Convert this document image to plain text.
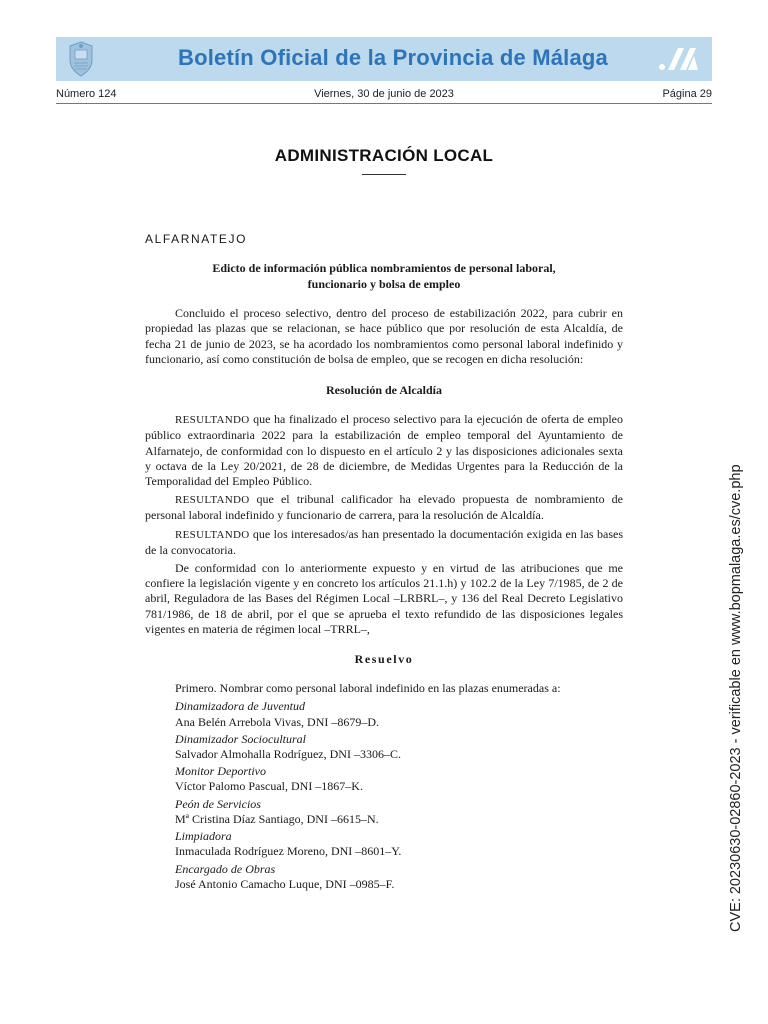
Boletín Oficial de la Provincia de Málaga
Número 124	Viernes, 30 de junio de 2023	Página 29
ADMINISTRACIÓN LOCAL

ALFARNATEJO

Edicto de información pública nombramientos de personal laboral,
funcionario y bolsa de empleo

Concluido el proceso selectivo, dentro del proceso de estabilización 2022, para cubrir en propiedad las plazas que se relacionan, se hace público que por resolución de esta Alcaldía, de fecha 21 de junio de 2023, se ha acordado los nombramientos como personal laboral indefinido y funcionario, así como constitución de bolsa de empleo, que se recogen en dicha resolución:

Resolución de Alcaldía

RESULTANDO que ha finalizado el proceso selectivo para la ejecución de oferta de empleo público extraordinaria 2022 para la estabilización de empleo temporal del Ayuntamiento de Alfarnatejo, de conformidad con lo dispuesto en el artículo 2 y las disposiciones adicionales sexta y octava de la Ley 20/2021, de 28 de diciembre, de Medidas Urgentes para la Reducción de la Temporalidad del Empleo Público.

RESULTANDO que el tribunal calificador ha elevado propuesta de nombramiento de personal laboral indefinido y funcionario de carrera, para la resolución de Alcaldía.

RESULTANDO que los interesados/as han presentado la documentación exigida en las bases de la convocatoria.

De conformidad con lo anteriormente expuesto y en virtud de las atribuciones que me confiere la legislación vigente y en concreto los artículos 21.1.h) y 102.2 de la Ley 7/1985, de 2 de abril, Reguladora de las Bases del Régimen Local –LRBRL–, y 136 del Real Decreto Legislativo 781/1986, de 18 de abril, por el que se aprueba el texto refundido de las disposiciones legales vigentes en materia de régimen local –TRRL–,

Resuelvo

Primero. Nombrar como personal laboral indefinido en las plazas enumeradas a:

Dinamizadora de Juventud

Ana Belén Arrebola Vivas, DNI –8679–D.

Dinamizador Sociocultural

Salvador Almohalla Rodríguez, DNI –3306–C.

Monitor Deportivo

Víctor Palomo Pascual, DNI –1867–K.

Peón de Servicios

Mª Cristina Díaz Santiago, DNI –6615–N.

Limpiadora

Inmaculada Rodríguez Moreno, DNI –8601–Y.

Encargado de Obras

José Antonio Camacho Luque, DNI –0985–F.	CVE: 20230630-02860-2023 - verificable en www.bopmalaga.es/cve.php
